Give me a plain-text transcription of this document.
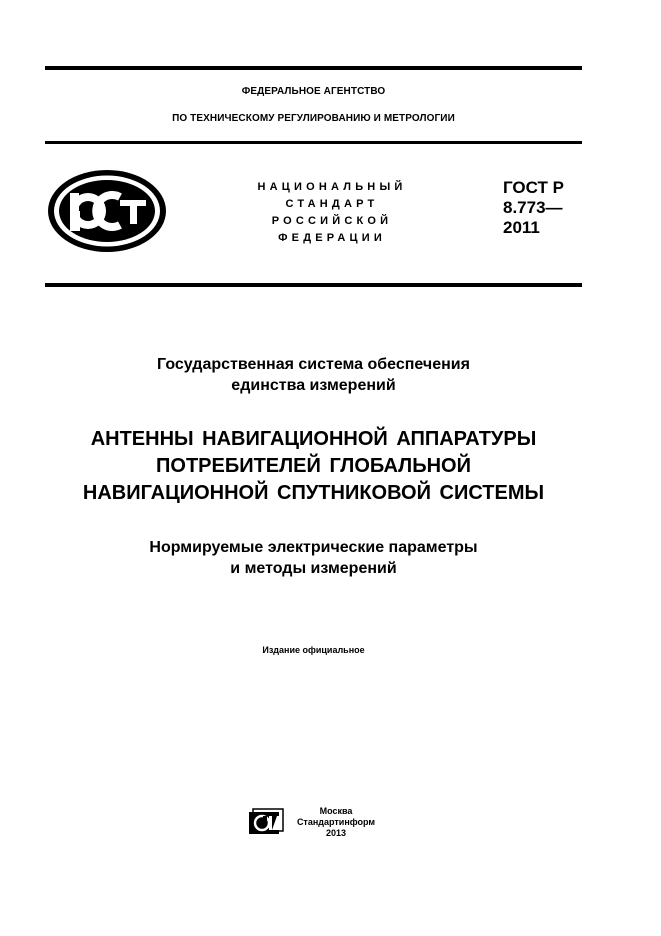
ФЕДЕРАЛЬНОЕ АГЕНТСТВО
ПО ТЕХНИЧЕСКОМУ РЕГУЛИРОВАНИЮ И МЕТРОЛОГИИ
НАЦИОНАЛЬНЫЙ
СТАНДАРТ
РОССИЙСКОЙ
ФЕДЕРАЦИИ
ГОСТ Р
8.773—
2011
Государственная система обеспечения
единства измерений
АНТЕННЫ НАВИГАЦИОННОЙ АППАРАТУРЫ
ПОТРЕБИТЕЛЕЙ ГЛОБАЛЬНОЙ
НАВИГАЦИОННОЙ СПУТНИКОВОЙ СИСТЕМЫ
Нормируемые электрические параметры
и методы измерений
Издание официальное
Москва
Стандартинформ
2013
